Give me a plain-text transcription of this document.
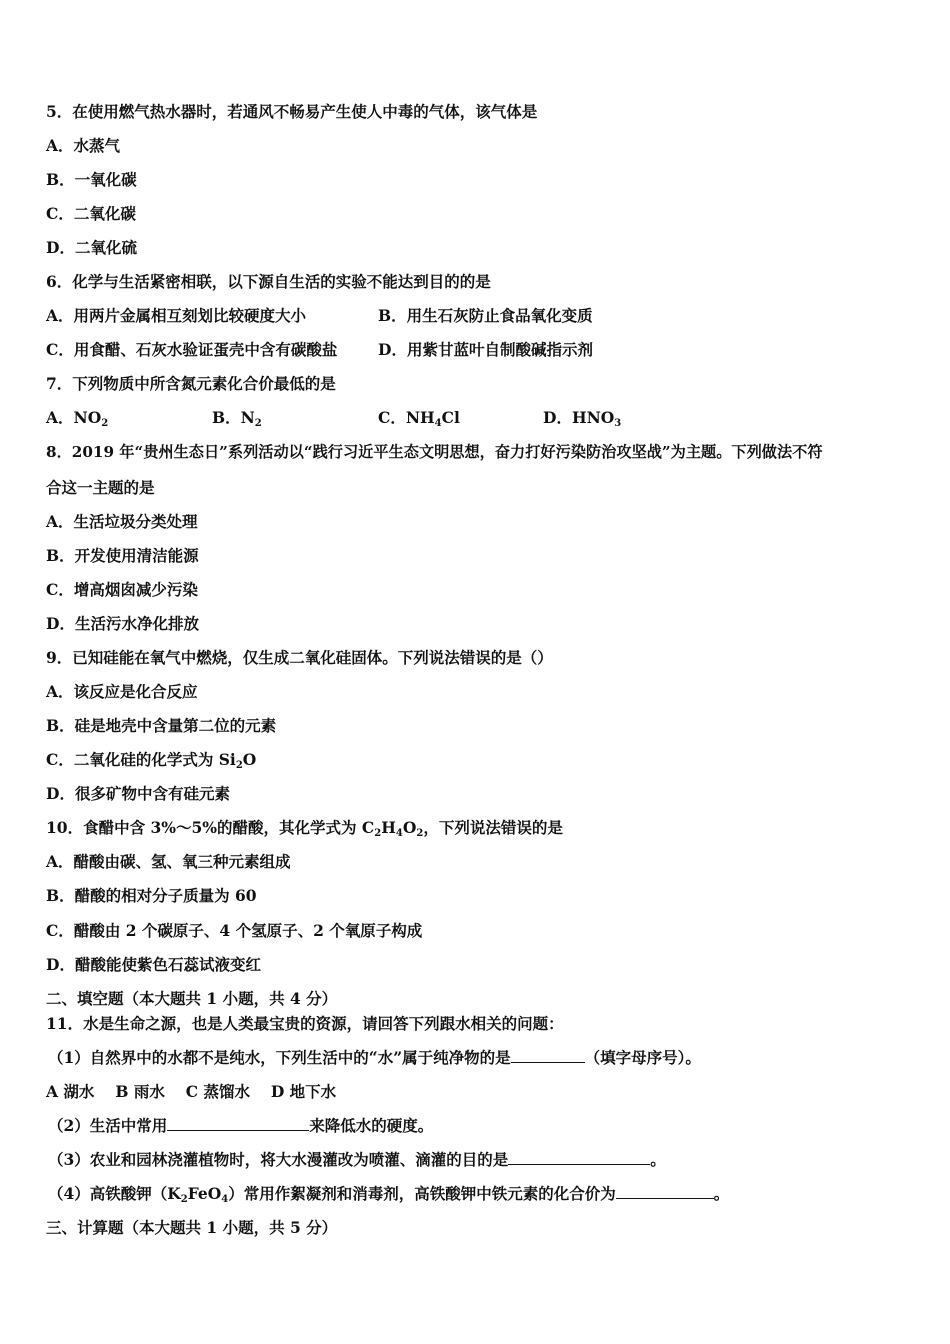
5．在使用燃气热水器时，若通风不畅易产生使人中毒的气体，该气体是
A．水蒸气
B．一氧化碳
C．二氧化碳
D．二氧化硫
6．化学与生活紧密相联，以下源自生活的实验不能达到目的的是
A．用两片金属相互刻划比较硬度大小	B．用生石灰防止食品氧化变质
C．用食醋、石灰水验证蛋壳中含有碳酸盐	D．用紫甘蓝叶自制酸碱指示剂
7．下列物质中所含氮元素化合价最低的是
A．$NO_2$	B．$N_2$	C．$NH_4Cl$	D．$HNO_3$
8．2019 年“贵州生态日”系列活动以“践行习近平生态文明思想，奋力打好污染防治攻坚战”为主题。下列做法不符
合这一主题的是
A．生活垃圾分类处理
B．开发使用清洁能源
C．增高烟囱减少污染
D．生活污水净化排放
9．已知硅能在氧气中燃烧，仅生成二氧化硅固体。下列说法错误的是（）
A．该反应是化合反应
B．硅是地壳中含量第二位的元素
C．二氧化硅的化学式为 $Si_2O$
D．很多矿物中含有硅元素
10．食醋中含 3%～5%的醋酸，其化学式为 $C_2H_4O_2$，下列说法错误的是
A．醋酸由碳、氢、氧三种元素组成
B．醋酸的相对分子质量为 60
C．醋酸由 2 个碳原子、4 个氢原子、2 个氧原子构成
D．醋酸能使紫色石蕊试液变红
二、填空题（本大题共 1 小题，共 4 分）
11．水是生命之源，也是人类最宝贵的资源，请回答下列跟水相关的问题：
（1）自然界中的水都不是纯水，下列生活中的“水”属于纯净物的是	（填字母序号）。
A 湖水　 B 雨水　 C 蒸馏水　 D 地下水
（2）生活中常用	来降低水的硬度。
（3）农业和园林浇灌植物时，将大水漫灌改为喷灌、滴灌的目的是	。
（4）高铁酸钾$(K_2FeO_4)$常用作絮凝剂和消毒剂，高铁酸钾中铁元素的化合价为	。
三、计算题（本大题共 1 小题，共 5 分）
